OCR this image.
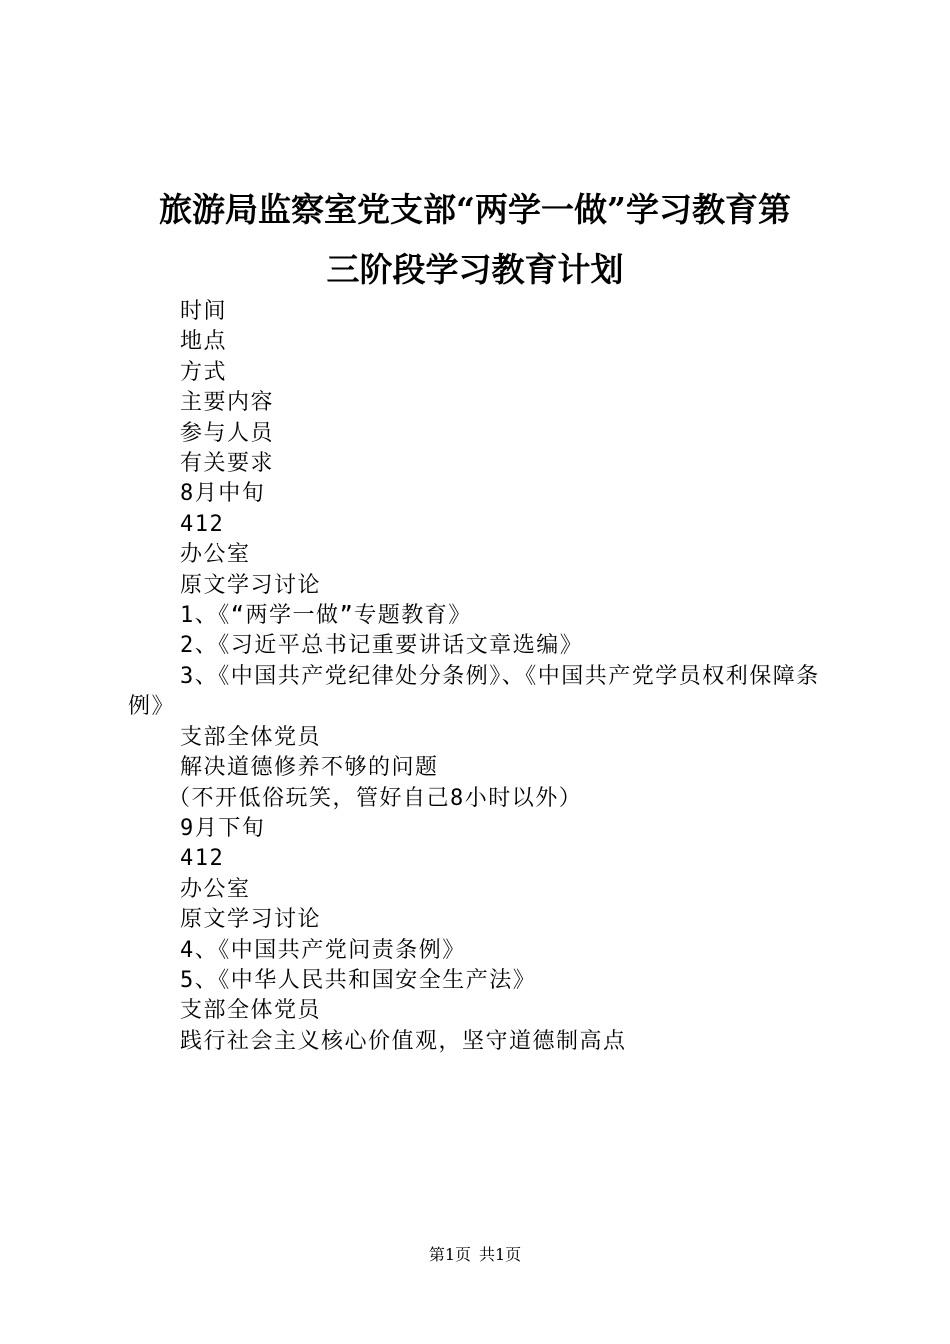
旅游局监察室党支部“两学一做”学习教育第
三阶段学习教育计划
时间
地点
方式
主要内容
参与人员
有关要求
8月中旬
412
办公室
原文学习讨论
1、《“两学一做”专题教育》
2、《习近平总书记重要讲话文章选编》
3、《中国共产党纪律处分条例》、《中国共产党学员权利保障条例》
支部全体党员
解决道德修养不够的问题
（不开低俗玩笑，管好自己8小时以外）
9月下旬
412
办公室
原文学习讨论
4、《中国共产党问责条例》
5、《中华人民共和国安全生产法》
支部全体党员
践行社会主义核心价值观，坚守道德制高点
第1页 共1页
